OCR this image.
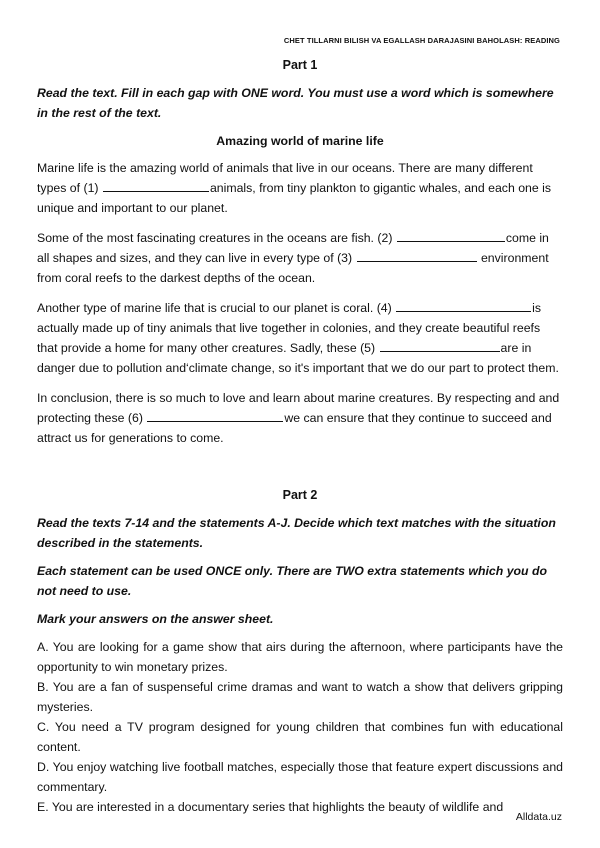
CHET TILLARNI BILISH VA EGALLASH DARAJASINI BAHOLASH: READING
Part 1
Read the text. Fill in each gap with ONE word. You must use a word which is somewhere in the rest of the text.
Amazing world of marine life

Marine life is the amazing world of animals that live in our oceans. There are many different types of (1)	animals, from tiny plankton to gigantic whales, and each one is unique and important to our planet.

Some of the most fascinating creatures in the oceans are fish. (2)	come in all shapes and sizes, and they can live in every type of (3)	environment from coral reefs to the darkest depths of the ocean.

Another type of marine life that is crucial to our planet is coral. (4)	is actually made up of tiny animals that live together in colonies, and they create beautiful reefs that provide a home for many other creatures. Sadly, these (5)	are in danger due to pollution and‘climate change, so it's important that we do our part to protect them.

In conclusion, there is so much to love and learn about marine creatures. By respecting and and protecting these (6)	we can ensure that they continue to succeed and attract us for generations to come.

Part 2
Read the texts 7-14 and the statements A-J. Decide which text matches with the situation described in the statements.
Each statement can be used ONCE only. There are TWO extra statements which you do not need to use.
Mark your answers on the answer sheet.

A. You are looking for a game show that airs during the afternoon, where participants have the opportunity to win monetary prizes.

B. You are a fan of suspenseful crime dramas and want to watch a show that delivers gripping mysteries.

C. You need a TV program designed for young children that combines fun with educational content.

D. You enjoy watching live football matches, especially those that feature expert discussions and commentary.

E. You are interested in a documentary series that highlights the beauty of wildlife and

Alldata.uz
